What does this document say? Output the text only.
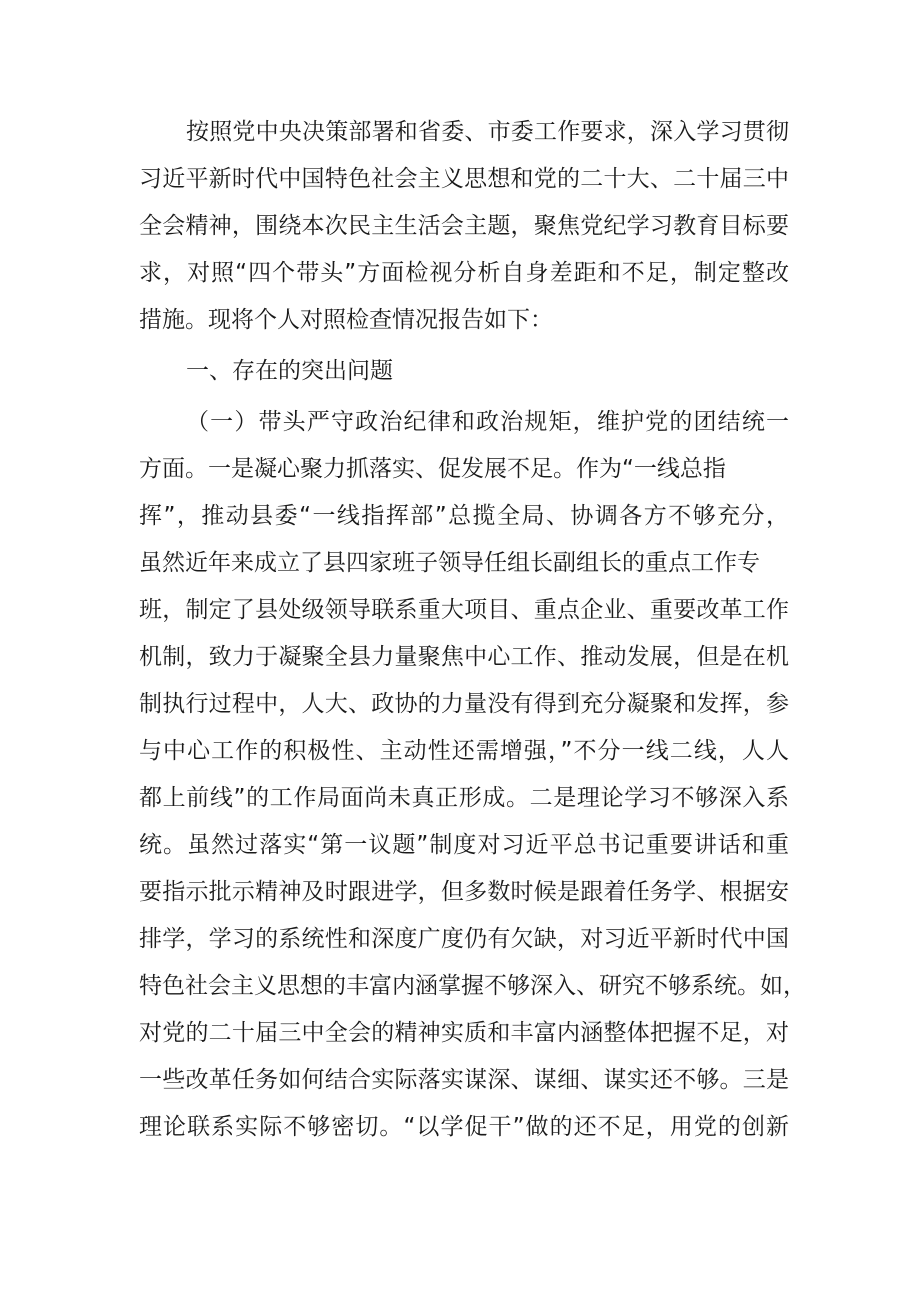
按照党中央决策部署和省委、市委工作要求，深入学习贯彻
习近平新时代中国特色社会主义思想和党的二十大、二十届三中
全会精神，围绕本次民主生活会主题，聚焦党纪学习教育目标要
求，对照“四个带头”方面检视分析自身差距和不足，制定整改
措施。现将个人对照检查情况报告如下：
一、存在的突出问题
（一）带头严守政治纪律和政治规矩，维护党的团结统一
方面。一是凝心聚力抓落实、促发展不足。作为“一线总指
挥”，推动县委“一线指挥部”总揽全局、协调各方不够充分，
虽然近年来成立了县四家班子领导任组长副组长的重点工作专
班，制定了县处级领导联系重大项目、重点企业、重要改革工作
机制，致力于凝聚全县力量聚焦中心工作、推动发展，但是在机
制执行过程中，人大、政协的力量没有得到充分凝聚和发挥，参
与中心工作的积极性、主动性还需增强，”不分一线二线，人人
都上前线”的工作局面尚未真正形成。二是理论学习不够深入系
统。虽然过落实“第一议题”制度对习近平总书记重要讲话和重
要指示批示精神及时跟进学，但多数时候是跟着任务学、根据安
排学，学习的系统性和深度广度仍有欠缺，对习近平新时代中国
特色社会主义思想的丰富内涵掌握不够深入、研究不够系统。如，
对党的二十届三中全会的精神实质和丰富内涵整体把握不足，对
一些改革任务如何结合实际落实谋深、谋细、谋实还不够。三是
理论联系实际不够密切。“以学促干”做的还不足，用党的创新
